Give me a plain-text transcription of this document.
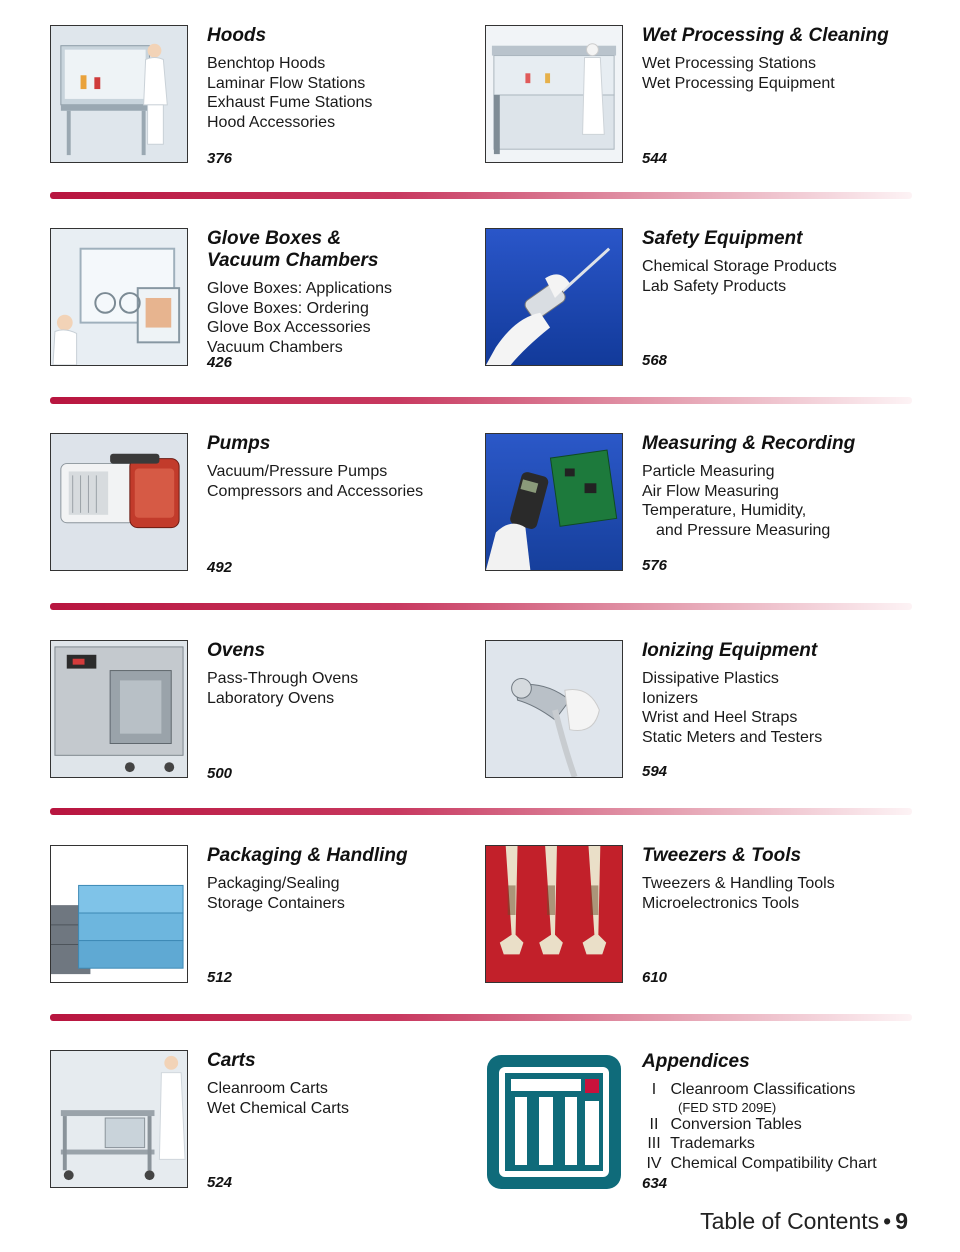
Hoods
Benchtop Hoods
Laminar Flow Stations
Exhaust Fume Stations
Hood Accessories
376
Wet Processing & Cleaning
Wet Processing Stations
Wet Processing Equipment
544
Glove Boxes &
Vacuum Chambers
Glove Boxes: Applications
Glove Boxes: Ordering
Glove Box Accessories
Vacuum Chambers
426
Safety Equipment
Chemical Storage Products
Lab Safety Products
568
Pumps
Vacuum/Pressure Pumps
Compressors and Accessories
492
Measuring & Recording
Particle Measuring
Air Flow Measuring
Temperature, Humidity,
and Pressure Measuring
576
Ovens
Pass-Through Ovens
Laboratory Ovens
500
Ionizing Equipment
Dissipative Plastics
Ionizers
Wrist and Heel Straps
Static Meters and Testers
594
Packaging & Handling
Packaging/Sealing
Storage Containers
512
Tweezers & Tools
Tweezers & Handling Tools
Microelectronics Tools
610
Carts
Cleanroom Carts
Wet Chemical Carts
524
Appendices
I Cleanroom Classifications
(FED STD 209E)
II Conversion Tables
III Trademarks
IV Chemical Compatibility Chart
634
Table of Contents • 9
